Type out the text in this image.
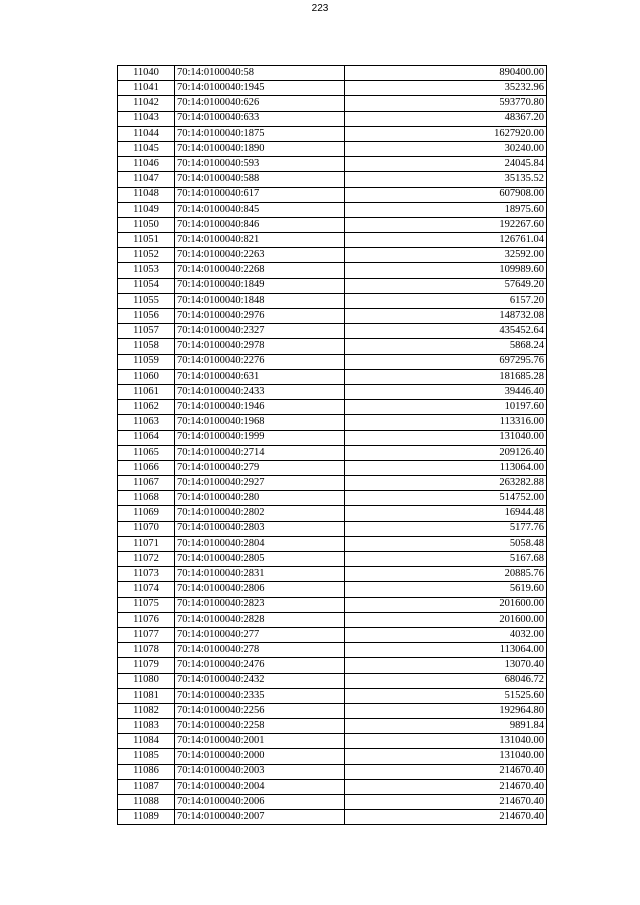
223
11040	70:14:0100040:58	890400.00
11041	70:14:0100040:1945	35232.96
11042	70:14:0100040:626	593770.80
11043	70:14:0100040:633	48367.20
11044	70:14:0100040:1875	1627920.00
11045	70:14:0100040:1890	30240.00
11046	70:14:0100040:593	24045.84
11047	70:14:0100040:588	35135.52
11048	70:14:0100040:617	607908.00
11049	70:14:0100040:845	18975.60
11050	70:14:0100040:846	192267.60
11051	70:14:0100040:821	126761.04
11052	70:14:0100040:2263	32592.00
11053	70:14:0100040:2268	109989.60
11054	70:14:0100040:1849	57649.20
11055	70:14:0100040:1848	6157.20
11056	70:14:0100040:2976	148732.08
11057	70:14:0100040:2327	435452.64
11058	70:14:0100040:2978	5868.24
11059	70:14:0100040:2276	697295.76
11060	70:14:0100040:631	181685.28
11061	70:14:0100040:2433	39446.40
11062	70:14:0100040:1946	10197.60
11063	70:14:0100040:1968	113316.00
11064	70:14:0100040:1999	131040.00
11065	70:14:0100040:2714	209126.40
11066	70:14:0100040:279	113064.00
11067	70:14:0100040:2927	263282.88
11068	70:14:0100040:280	514752.00
11069	70:14:0100040:2802	16944.48
11070	70:14:0100040:2803	5177.76
11071	70:14:0100040:2804	5058.48
11072	70:14:0100040:2805	5167.68
11073	70:14:0100040:2831	20885.76
11074	70:14:0100040:2806	5619.60
11075	70:14:0100040:2823	201600.00
11076	70:14:0100040:2828	201600.00
11077	70:14:0100040:277	4032.00
11078	70:14:0100040:278	113064.00
11079	70:14:0100040:2476	13070.40
11080	70:14:0100040:2432	68046.72
11081	70:14:0100040:2335	51525.60
11082	70:14:0100040:2256	192964.80
11083	70:14:0100040:2258	9891.84
11084	70:14:0100040:2001	131040.00
11085	70:14:0100040:2000	131040.00
11086	70:14:0100040:2003	214670.40
11087	70:14:0100040:2004	214670.40
11088	70:14:0100040:2006	214670.40
11089	70:14:0100040:2007	214670.40
